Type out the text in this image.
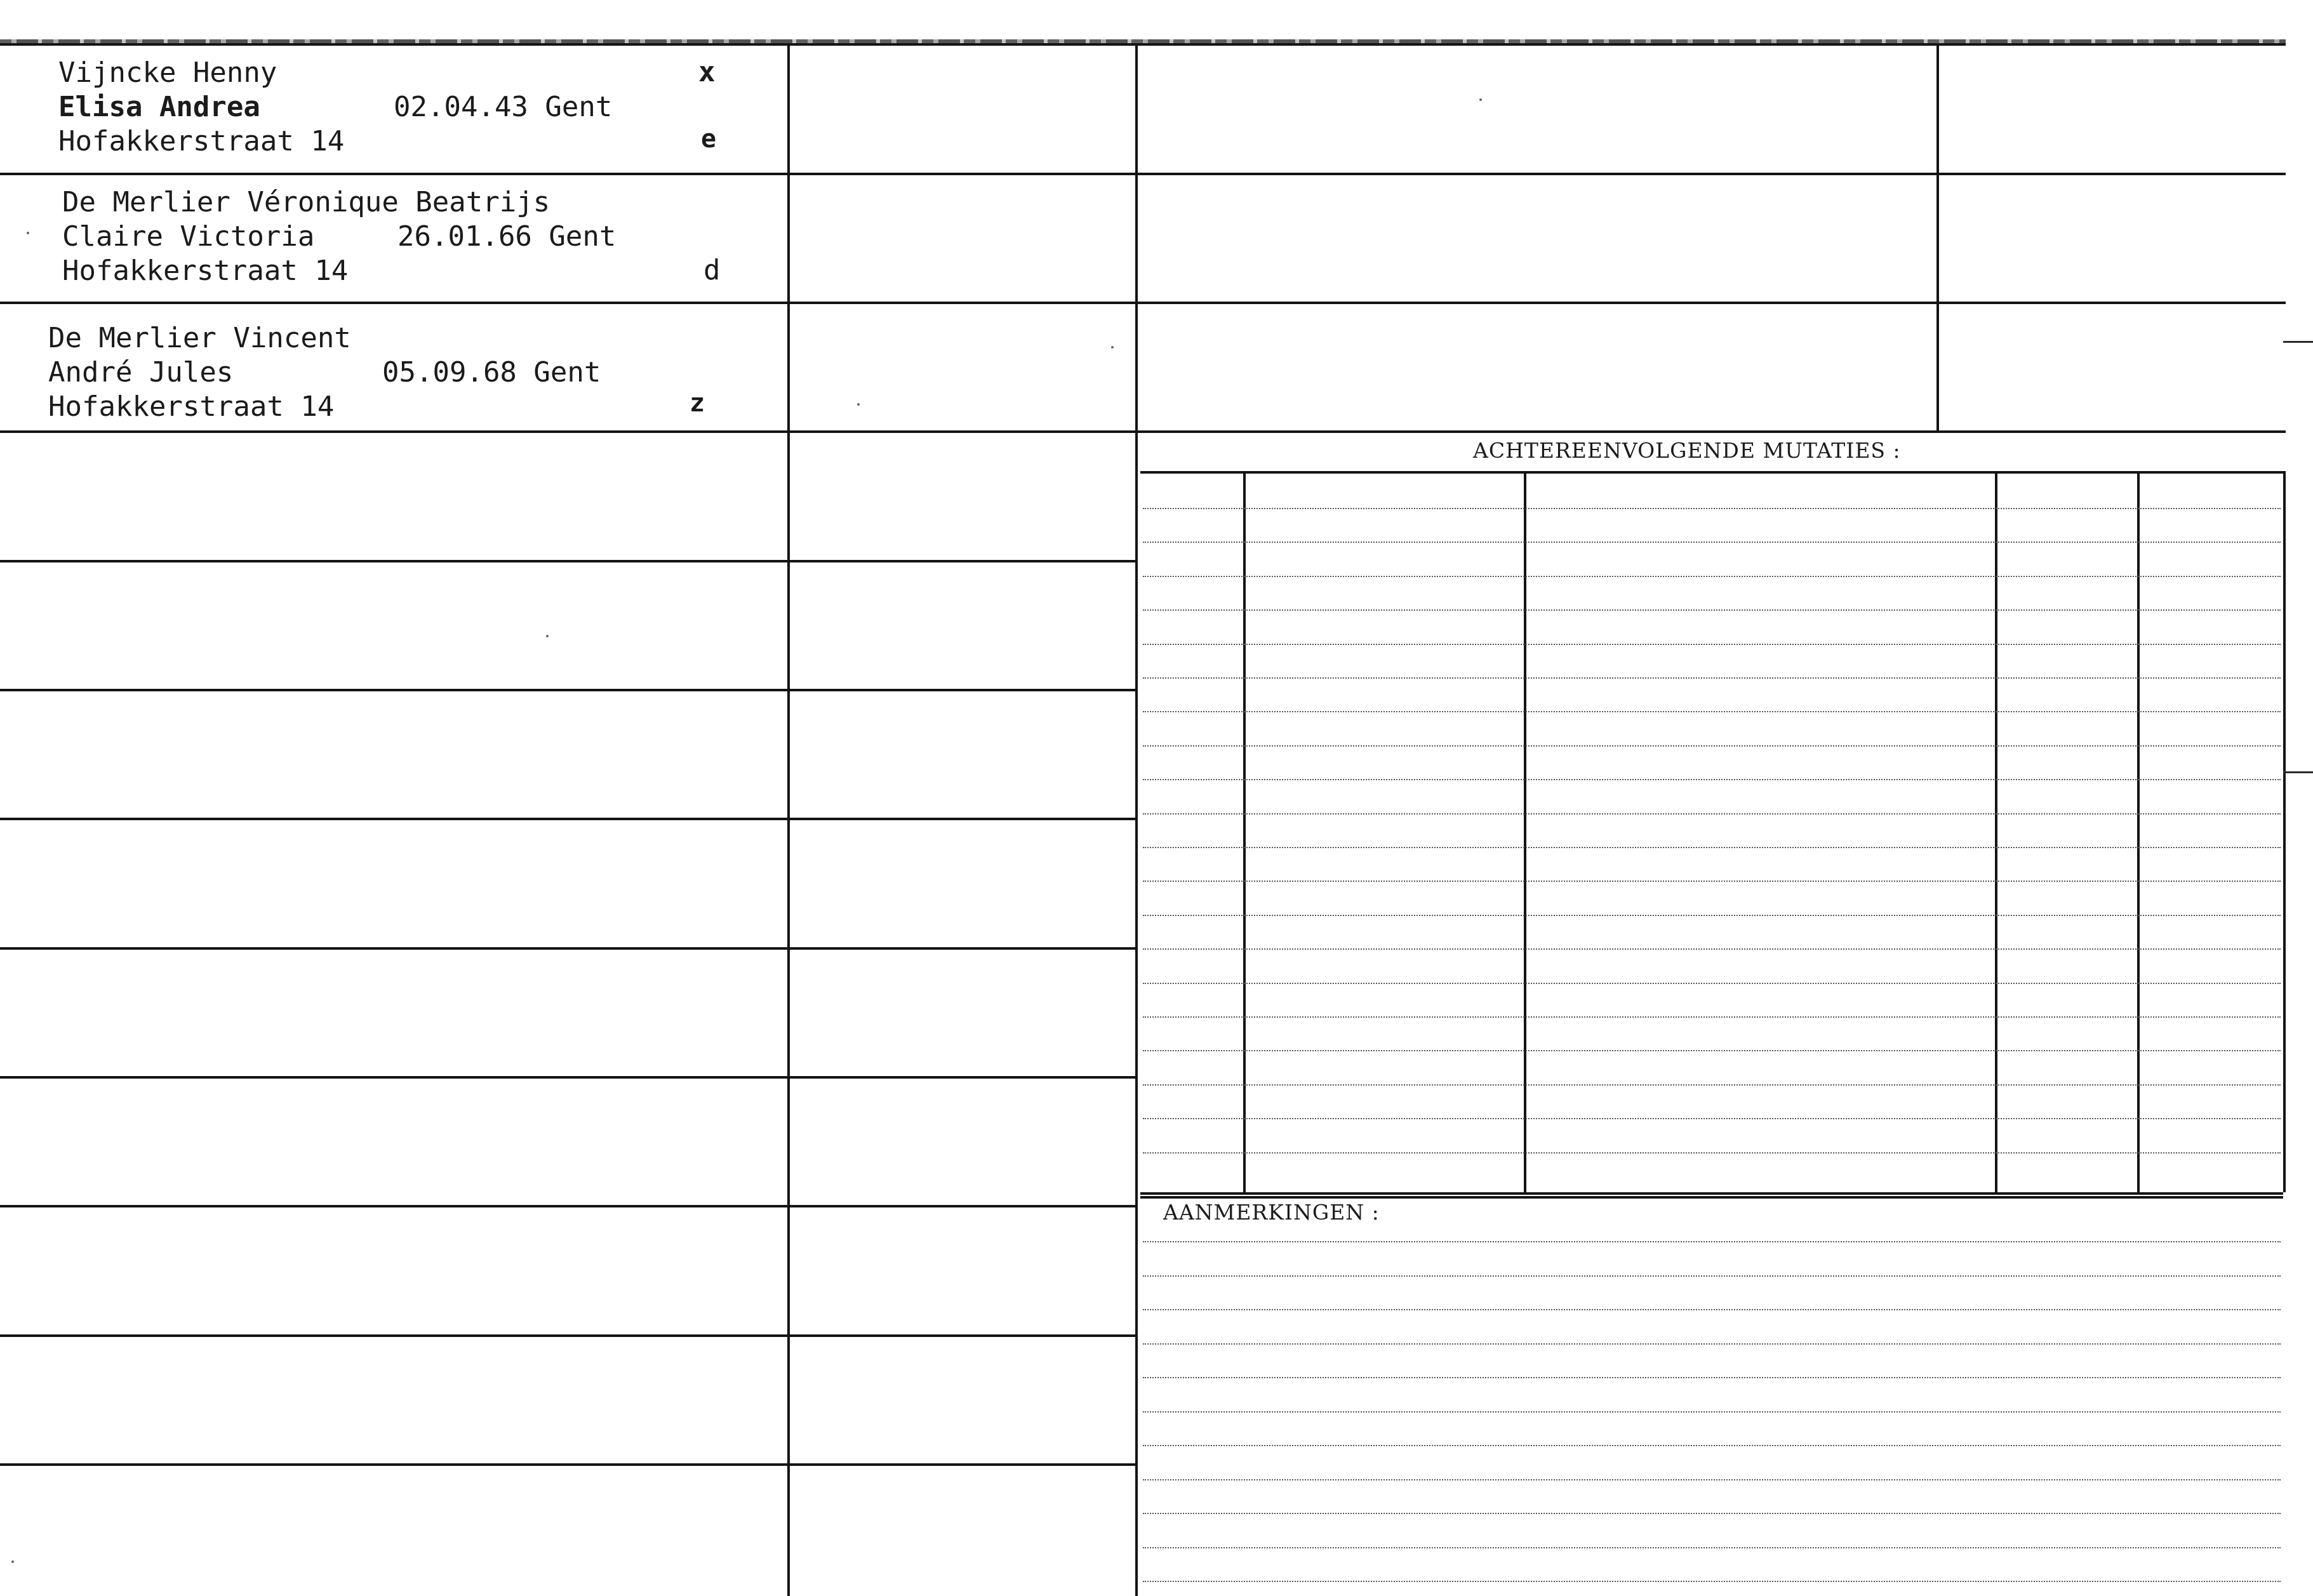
Vijncke Henny
Elisa Andrea	02.04.43 Gent
Hofakkerstraat 14
x
e
De Merlier Véronique Beatrijs
Claire Victoria	26.01.66 Gent
Hofakkerstraat 14	d
De Merlier Vincent
André Jules	05.09.68 Gent
Hofakkerstraat 14	z
ACHTEREENVOLGENDE MUTATIES :
AANMERKINGEN :
